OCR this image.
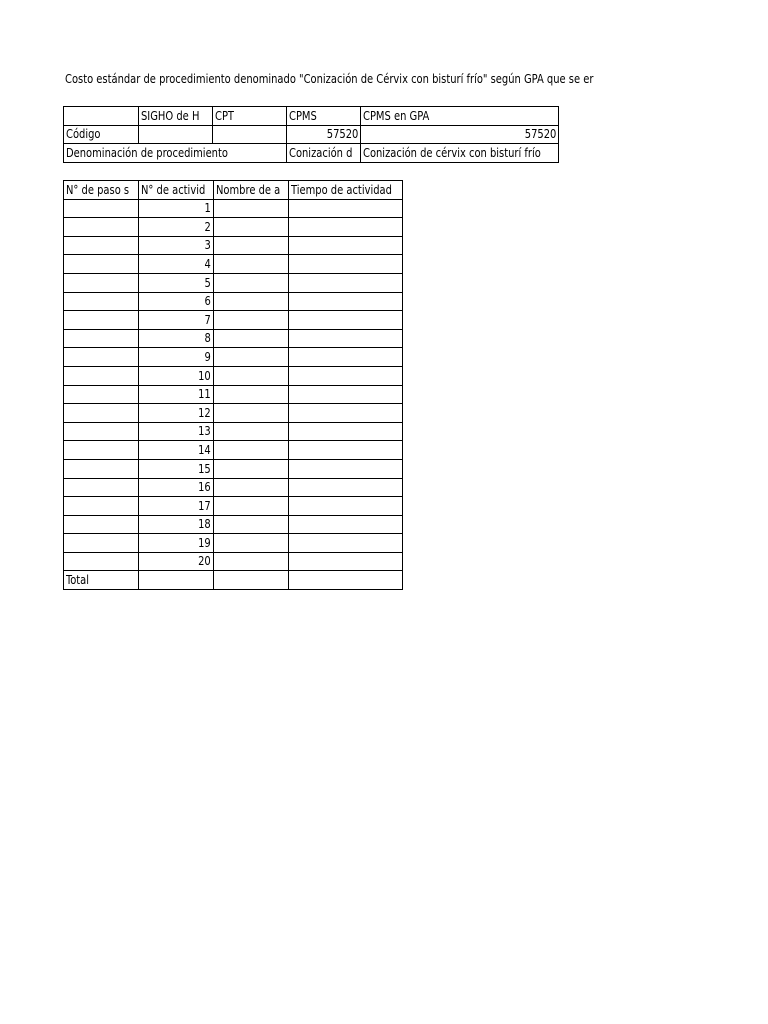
Costo estándar de procedimiento denominado "Conización de Cérvix con bisturí frío" según GPA que se er
	SIGHO de H	CPT	CPMS	CPMS en GPA
Código			57520	57520
Denominación de procedimiento			Conización d	Conización de cérvix con bisturí frío
N° de paso s	N° de activid	Nombre de a	Tiempo de actividad
	1		
	2		
	3		
	4		
	5		
	6		
	7		
	8		
	9		
	10		
	11		
	12		
	13		
	14		
	15		
	16		
	17		
	18		
	19		
	20		
Total			
